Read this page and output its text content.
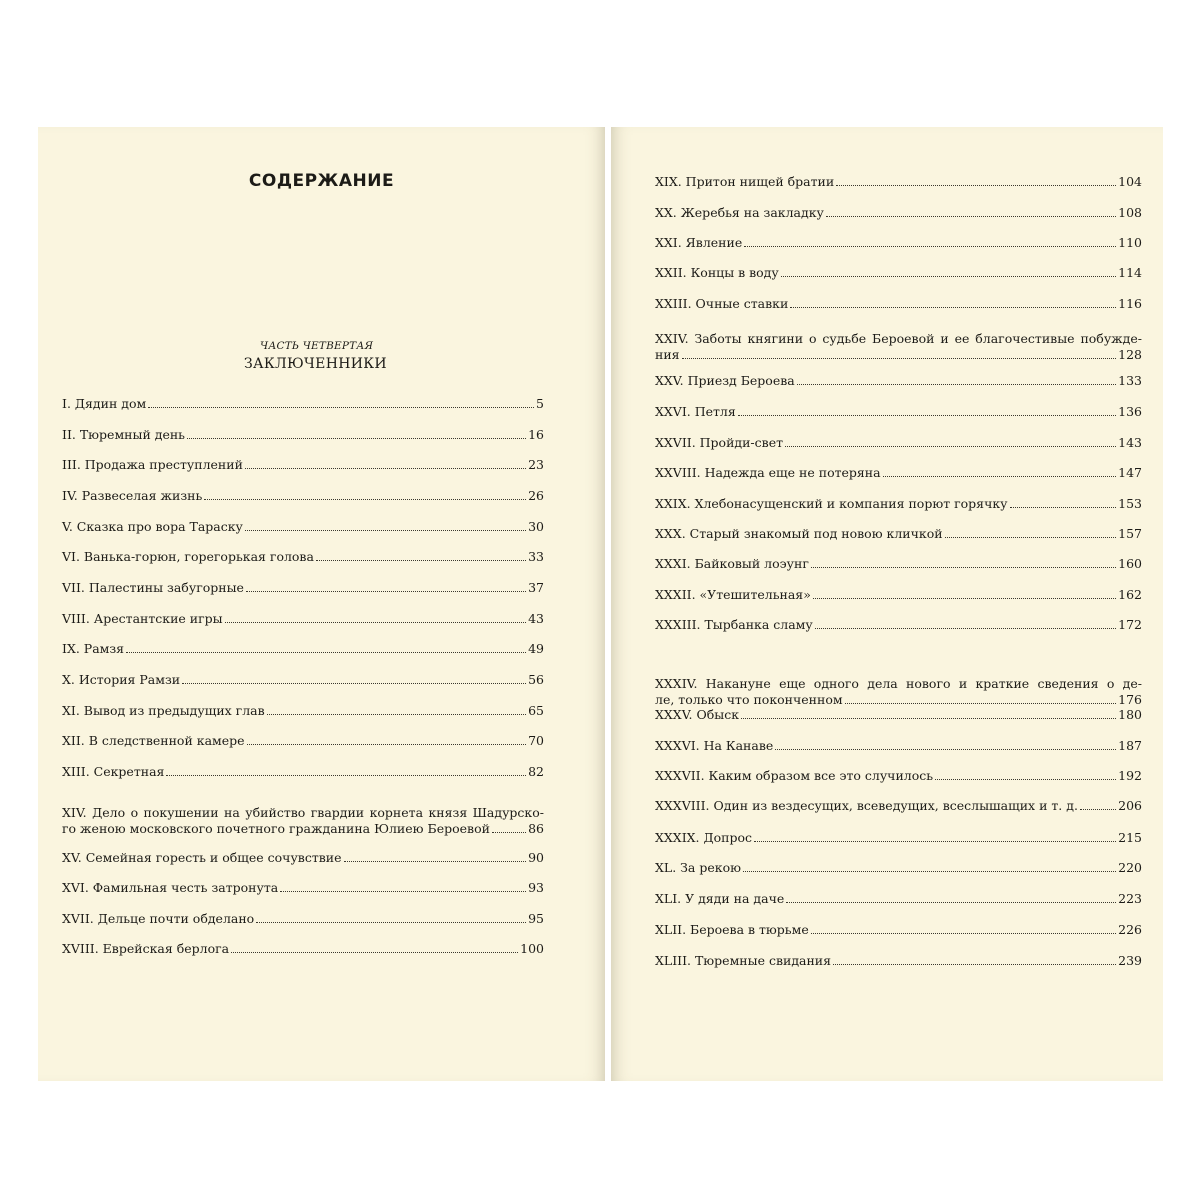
СОДЕРЖАНИЕ
ЧАСТЬ ЧЕТВЕРТАЯ
ЗАКЛЮЧЕННИКИ
I. Дядин дом	5
II. Тюремный день	16
III. Продажа преступлений	23
IV. Развеселая жизнь	26
V. Сказка про вора Тараску	30
VI. Ванька-горюн, горегорькая голова	33
VII. Палестины забугорные	37
VIII. Арестантские игры	43
IX. Рамзя	49
X. История Рамзи	56
XI. Вывод из предыдущих глав	65
XII. В следственной камере	70
XIII. Секретная	82
XIV. Дело о покушении на убийство гвардии корнета князя Шадурско-
го женою московского почетного гражданина Юлиею Бероевой	86
XV. Семейная горесть и общее сочувствие	90
XVI. Фамильная честь затронута	93
XVII. Дельце почти обделано	95
XVIII. Еврейская берлога	100
XIX. Притон нищей братии	104
XX. Жеребья на закладку	108
XXI. Явление	110
XXII. Концы в воду	114
XXIII. Очные ставки	116
XXIV. Заботы княгини о судьбе Бероевой и ее благочестивые побужде-
ния	128
XXV. Приезд Бероева	133
XXVI. Петля	136
XXVII. Пройди-свет	143
XXVIII. Надежда еще не потеряна	147
XXIX. Хлебонасущенский и компания порют горячку	153
XXX. Старый знакомый под новою кличкой	157
XXXI. Байковый лоэунг	160
XXXII. «Утешительная»	162
XXXIII. Тырбанка сламу	172
XXXIV. Накануне еще одного дела нового и краткие сведения о де-
ле, только что поконченном	176
XXXV. Обыск	180
XXXVI. На Канаве	187
XXXVII. Каким образом все это случилось	192
XXXVIII. Один из вездесущих, всеведущих, всеслышащих и т. д.	206
XXXIX. Допрос	215
XL. За рекою	220
XLI. У дяди на даче	223
XLII. Бероева в тюрьме	226
XLIII. Тюремные свидания	239
